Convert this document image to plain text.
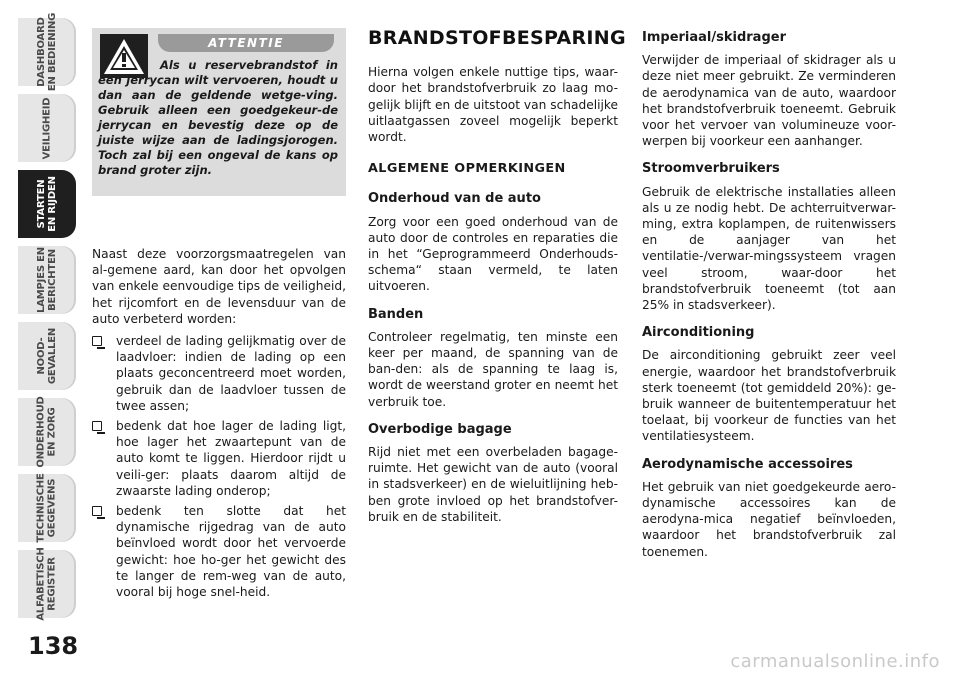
DASHBOARD
EN BEDIENING
VEILIGHEID
STARTEN
EN RIJDEN
LAMPJES EN
BERICHTEN
NOOD-
GEVALLEN
ONDERHOUD
EN ZORG
TECHNISCHE
GEGEVENS
ALFABETISCH
REGISTER
138
ATTENTIE

Als u reservebrandstof in een jerrycan wilt vervoeren, houdt u dan aan de geldende wetge-ving. Gebruik alleen een goedgekeur-de jerrycan en bevestig deze op de juiste wijze aan de ladingsjorogen. Toch zal bij een ongeval de kans op brand groter zijn.

Naast deze voorzorgsmaatregelen van al-gemene aard, kan door het opvolgen van enkele eenvoudige tips de veiligheid, het rijcomfort en de levensduur van de auto verbeterd worden:

verdeel de lading gelijkmatig over de laadvloer: indien de lading op een plaats geconcentreerd moet worden, gebruik dan de laadvloer tussen de twee assen;
bedenk dat hoe lager de lading ligt, hoe lager het zwaartepunt van de auto komt te liggen. Hierdoor rijdt u veili-ger: plaats daarom altijd de zwaarste lading onderop;
bedenk ten slotte dat het dynamische rijgedrag van de auto beïnvloed wordt door het vervoerde gewicht: hoe ho-ger het gewicht des te langer de rem-weg van de auto, vooral bij hoge snel-heid.
BRANDSTOFBESPARING

Hierna volgen enkele nuttige tips, waar-door het brandstofverbruik zo laag mo-gelijk blijft en de uitstoot van schadelijke uitlaatgassen zoveel mogelijk beperkt wordt.

ALGEMENE OPMERKINGEN
Onderhoud van de auto

Zorg voor een goed onderhoud van de auto door de controles en reparaties die in het “Geprogrammeerd Onderhouds-schema“ staan vermeld, te laten uitvoeren.

Banden

Controleer regelmatig, ten minste een keer per maand, de spanning van de ban-den: als de spanning te laag is, wordt de weerstand groter en neemt het verbruik toe.

Overbodige bagage

Rijd niet met een overbeladen bagage-ruimte. Het gewicht van de auto (vooral in stadsverkeer) en de wieluitlijning heb-ben grote invloed op het brandstofver-bruik en de stabiliteit.

Imperiaal/skidrager

Verwijder de imperiaal of skidrager als u deze niet meer gebruikt. Ze verminderen de aerodynamica van de auto, waardoor het brandstofverbruik toeneemt. Gebruik voor het vervoer van volumineuze voor-werpen bij voorkeur een aanhanger.

Stroomverbruikers

Gebruik de elektrische installaties alleen als u ze nodig hebt. De achterruitverwar-ming, extra koplampen, de ruitenwissers en de aanjager van het ventilatie-/verwar-mingssysteem vragen veel stroom, waar-door het brandstofverbruik toeneemt (tot aan 25% in stadsverkeer).

Airconditioning

De airconditioning gebruikt zeer veel energie, waardoor het brandstofverbruik sterk toeneemt (tot gemiddeld 20%): ge-bruik wanneer de buitentemperatuur het toelaat, bij voorkeur de functies van het ventilatiesysteem.

Aerodynamische accessoires

Het gebruik van niet goedgekeurde aero-dynamische accessoires kan de aerodyna-mica negatief beïnvloeden, waardoor het brandstofverbruik zal toenemen.

carmanualsonline.info
